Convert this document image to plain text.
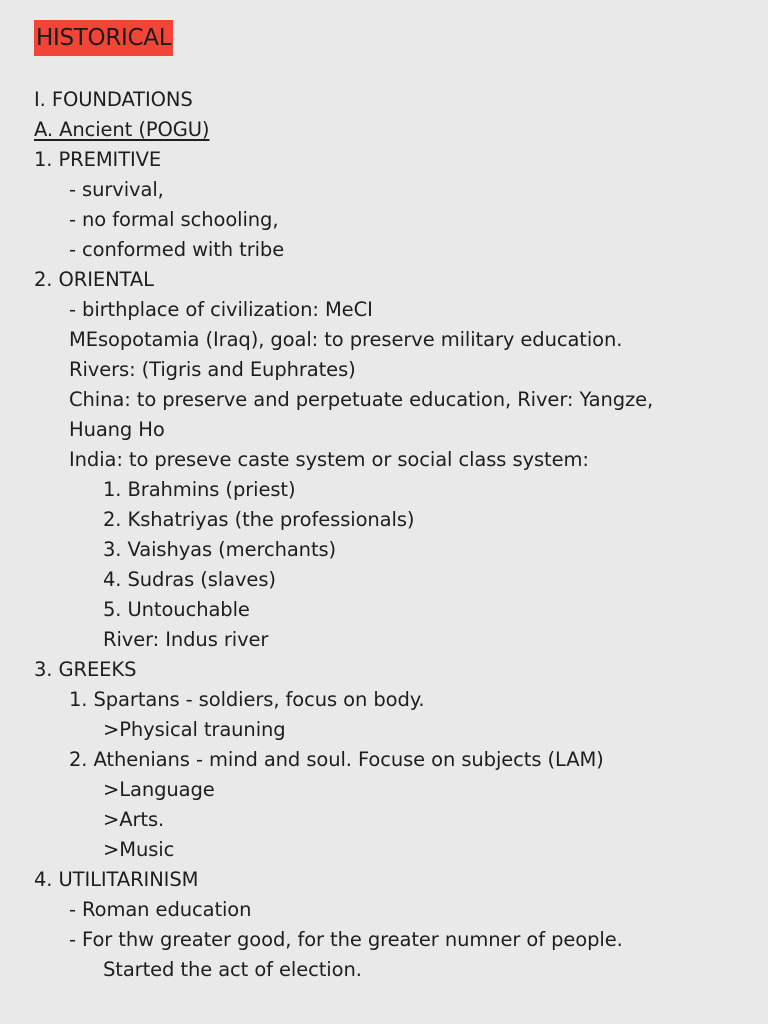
HISTORICAL
I. FOUNDATIONS
A. Ancient (POGU)
1. PREMITIVE
- survival,
- no formal schooling,
- conformed with tribe
2. ORIENTAL
- birthplace of civilization: MeCI
MEsopotamia (Iraq), goal: to preserve military education.
Rivers: (Tigris and Euphrates)
China: to preserve and perpetuate education, River: Yangze,
Huang Ho
India: to preseve caste system or social class system:
1. Brahmins (priest)
2. Kshatriyas (the professionals)
3. Vaishyas (merchants)
4. Sudras (slaves)
5. Untouchable
River: Indus river
3. GREEKS
1. Spartans - soldiers, focus on body.
>Physical trauning
2. Athenians - mind and soul. Focuse on subjects (LAM)
>Language
>Arts.
>Music
4. UTILITARINISM
- Roman education
- For thw greater good, for the greater numner of people.
Started the act of election.
